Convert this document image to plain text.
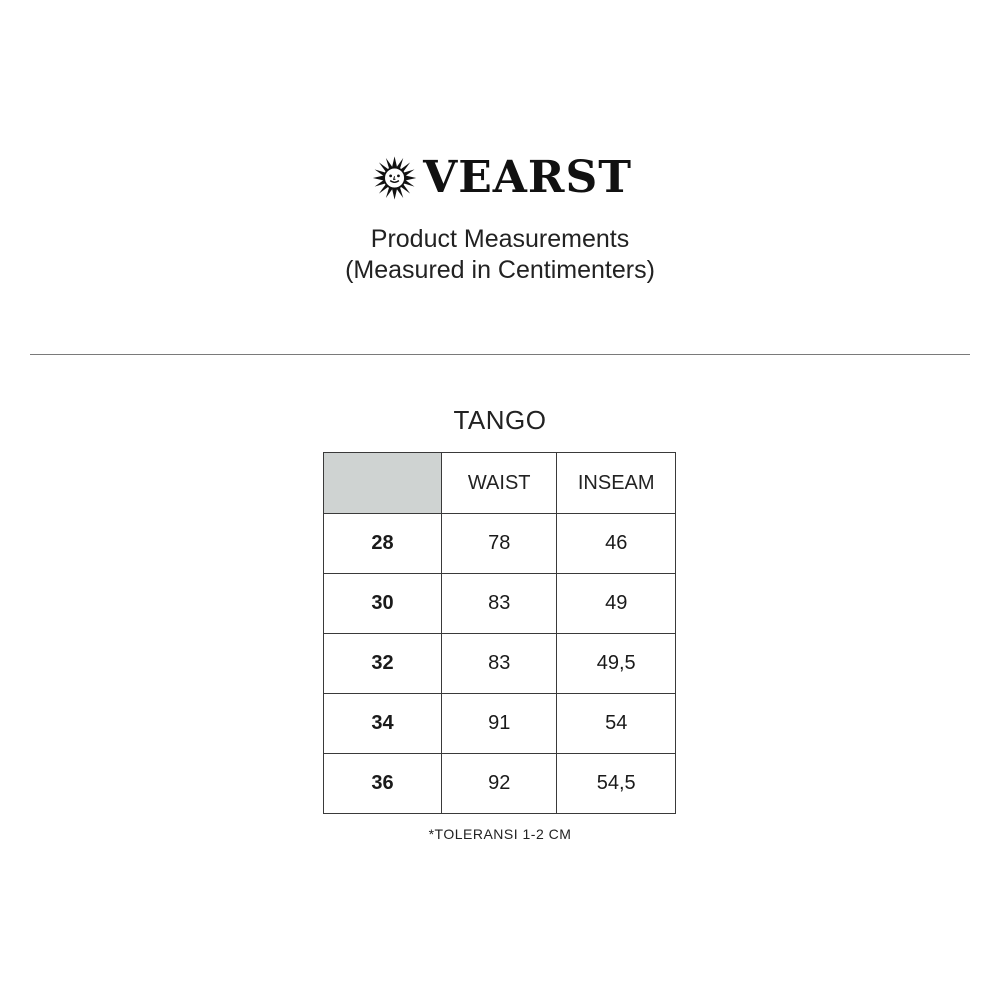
VEARST
Product Measurements
(Measured in Centimenters)
TANGO
	WAIST	INSEAM
28	78	46
30	83	49
32	83	49,5
34	91	54
36	92	54,5
*TOLERANSI 1-2 CM
